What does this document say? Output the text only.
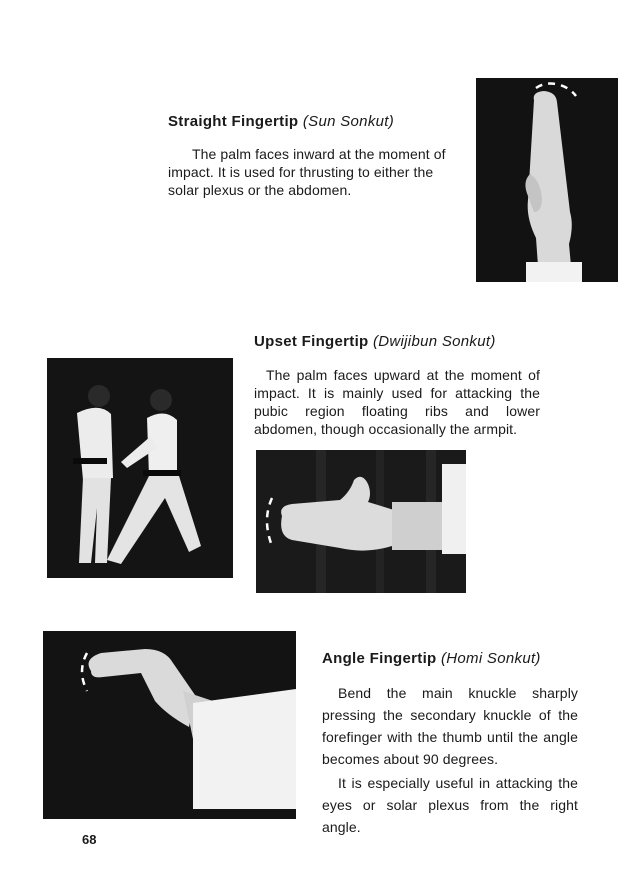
Straight Fingertip (Sun Sonkut)

The palm faces inward at the moment of impact. It is used for thrusting to either the solar plexus or the abdomen.

Upset Fingertip (Dwijibun Sonkut)

The palm faces upward at the moment of impact. It is mainly used for attacking the pubic region floating ribs and lower abdomen, though occasionally the armpit.

Angle Fingertip (Homi Sonkut)

Bend the main knuckle sharply pressing the secondary knuckle of the forefinger with the thumb until the angle becomes about 90 degrees.

It is especially useful in attacking the eyes or solar plexus from the right angle.

68
